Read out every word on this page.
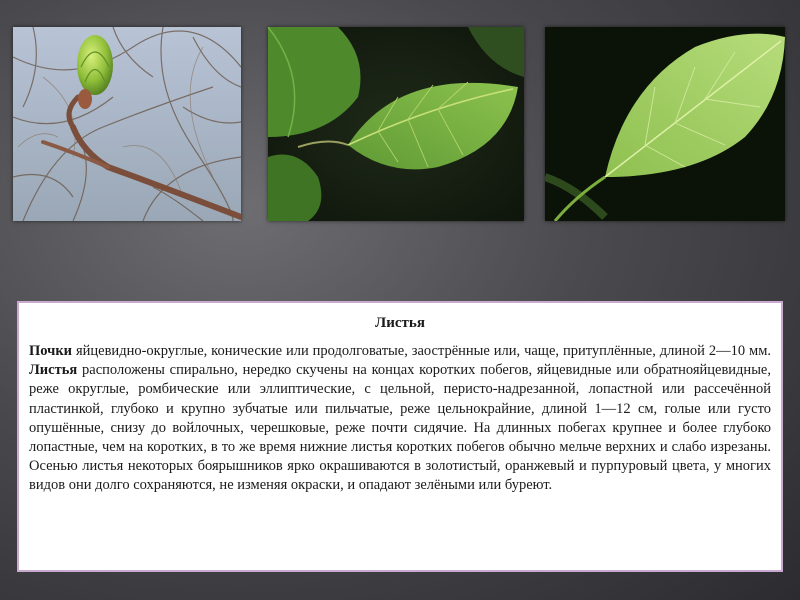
Листья

Почки яйцевидно-округлые, конические или продолговатые, заострённые или, чаще, притуплённые, длиной 2—10 мм. Листья расположены спирально, нередко скучены на концах коротких побегов, яйцевидные или обратнояйцевидные, реже округлые, ромбические или эллиптические, с цельной, перисто-надрезанной, лопастной или рассечённой пластинкой, глубоко и крупно зубчатые или пильчатые, реже цельнокрайние, длиной 1—12 см, голые или густо опушённые, снизу до войлочных, черешковые, реже почти сидячие. На длинных побегах крупнее и более глубоко лопастные, чем на коротких, в то же время нижние листья коротких побегов обычно мельче верхних и слабо изрезаны. Осенью листья некоторых боярышников ярко окрашиваются в золотистый, оранжевый и пурпуровый цвета, у многих видов они долго сохраняются, не изменяя окраски, и опадают зелёными или буреют.
